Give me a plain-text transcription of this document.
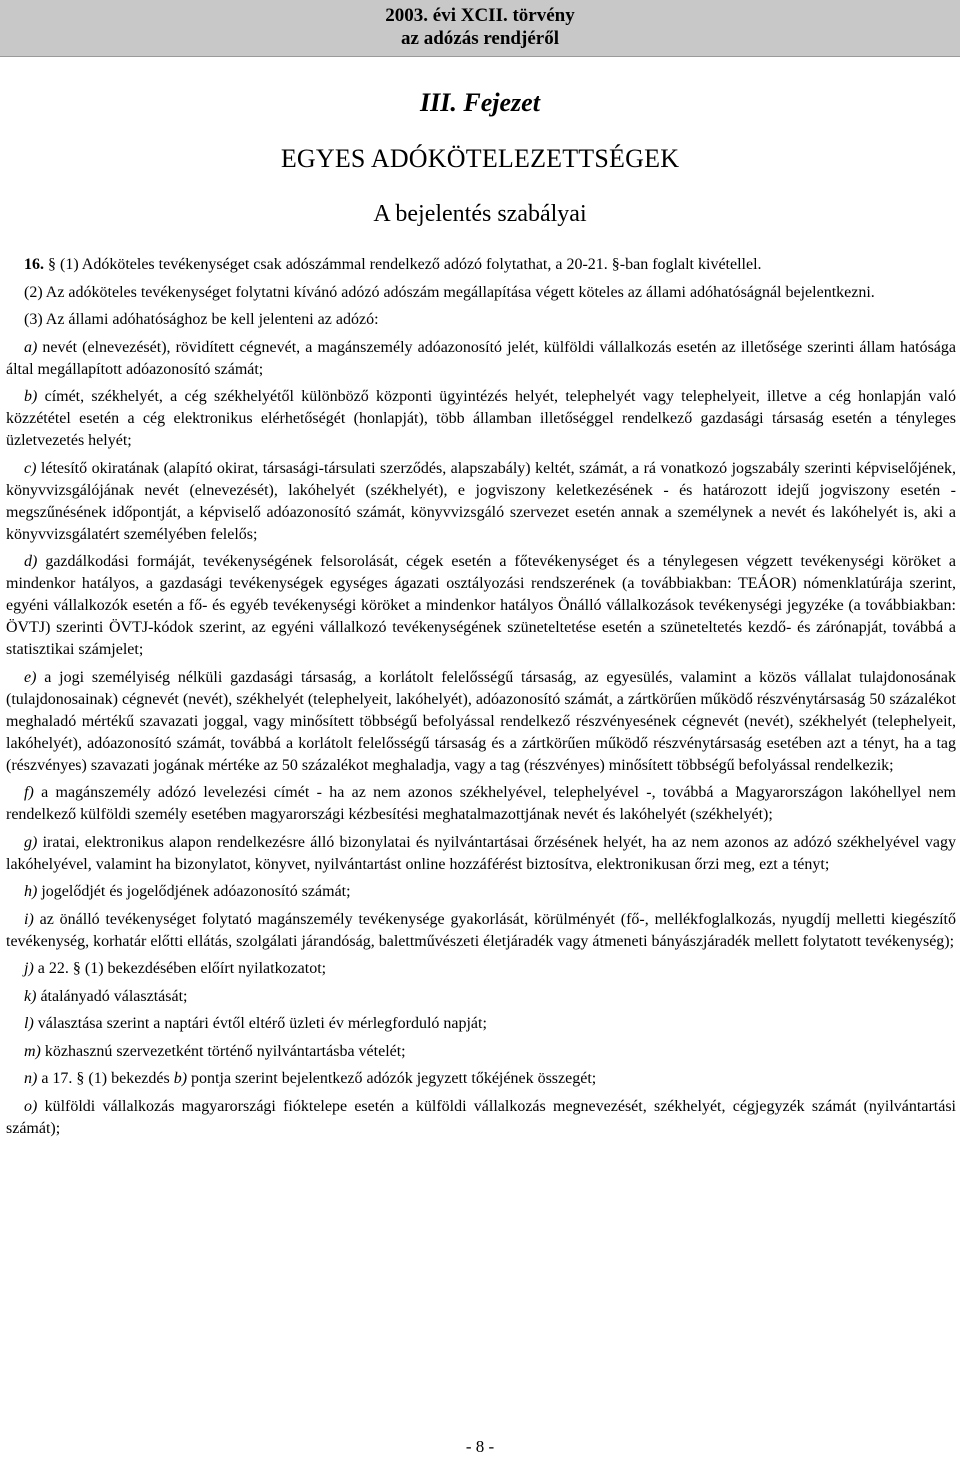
2003. évi XCII. törvény
az adózás rendjéről
III. Fejezet
EGYES ADÓKÖTELEZETTSÉGEK
A bejelentés szabályai

16. § (1) Adóköteles tevékenységet csak adószámmal rendelkező adózó folytathat, a 20-21. §-ban foglalt kivétellel.

(2) Az adóköteles tevékenységet folytatni kívánó adózó adószám megállapítása végett köteles az állami adóhatóságnál bejelentkezni.

(3) Az állami adóhatósághoz be kell jelenteni az adózó:

a) nevét (elnevezését), rövidített cégnevét, a magánszemély adóazonosító jelét, külföldi vállalkozás esetén az illetősége szerinti állam hatósága által megállapított adóazonosító számát;

b) címét, székhelyét, a cég székhelyétől különböző központi ügyintézés helyét, telephelyét vagy telephelyeit, illetve a cég honlapján való közzététel esetén a cég elektronikus elérhetőségét (honlapját), több államban illetőséggel rendelkező gazdasági társaság esetén a tényleges üzletvezetés helyét;

c) létesítő okiratának (alapító okirat, társasági-társulati szerződés, alapszabály) keltét, számát, a rá vonatkozó jogszabály szerinti képviselőjének, könyvvizsgálójának nevét (elnevezését), lakóhelyét (székhelyét), e jogviszony keletkezésének - és határozott idejű jogviszony esetén - megszűnésének időpontját, a képviselő adóazonosító számát, könyvvizsgáló szervezet esetén annak a személynek a nevét és lakóhelyét is, aki a könyvvizsgálatért személyében felelős;

d) gazdálkodási formáját, tevékenységének felsorolását, cégek esetén a főtevékenységet és a ténylegesen végzett tevékenységi köröket a mindenkor hatályos, a gazdasági tevékenységek egységes ágazati osztályozási rendszerének (a továbbiakban: TEÁOR) nómenklatúrája szerint, egyéni vállalkozók esetén a fő- és egyéb tevékenységi köröket a mindenkor hatályos Önálló vállalkozások tevékenységi jegyzéke (a továbbiakban: ÖVTJ) szerinti ÖVTJ-kódok szerint, az egyéni vállalkozó tevékenységének szüneteltetése esetén a szüneteltetés kezdő- és zárónapját, továbbá a statisztikai számjelet;

e) a jogi személyiség nélküli gazdasági társaság, a korlátolt felelősségű társaság, az egyesülés, valamint a közös vállalat tulajdonosának (tulajdonosainak) cégnevét (nevét), székhelyét (telephelyeit, lakóhelyét), adóazonosító számát, a zártkörűen működő részvénytársaság 50 százalékot meghaladó mértékű szavazati joggal, vagy minősített többségű befolyással rendelkező részvényesének cégnevét (nevét), székhelyét (telephelyeit, lakóhelyét), adóazonosító számát, továbbá a korlátolt felelősségű társaság és a zártkörűen működő részvénytársaság esetében azt a tényt, ha a tag (részvényes) szavazati jogának mértéke az 50 százalékot meghaladja, vagy a tag (részvényes) minősített többségű befolyással rendelkezik;

f) a magánszemély adózó levelezési címét - ha az nem azonos székhelyével, telephelyével -, továbbá a Magyarországon lakóhellyel nem rendelkező külföldi személy esetében magyarországi kézbesítési meghatalmazottjának nevét és lakóhelyét (székhelyét);

g) iratai, elektronikus alapon rendelkezésre álló bizonylatai és nyilvántartásai őrzésének helyét, ha az nem azonos az adózó székhelyével vagy lakóhelyével, valamint ha bizonylatot, könyvet, nyilvántartást online hozzáférést biztosítva, elektronikusan őrzi meg, ezt a tényt;

h) jogelődjét és jogelődjének adóazonosító számát;

i) az önálló tevékenységet folytató magánszemély tevékenysége gyakorlását, körülményét (fő-, mellékfoglalkozás, nyugdíj melletti kiegészítő tevékenység, korhatár előtti ellátás, szolgálati járandóság, balettművészeti életjáradék vagy átmeneti bányászjáradék mellett folytatott tevékenység);

j) a 22. § (1) bekezdésében előírt nyilatkozatot;

k) átalányadó választását;

l) választása szerint a naptári évtől eltérő üzleti év mérlegforduló napját;

m) közhasznú szervezetként történő nyilvántartásba vételét;

n) a 17. § (1) bekezdés b) pontja szerint bejelentkező adózók jegyzett tőkéjének összegét;

o) külföldi vállalkozás magyarországi fióktelepe esetén a külföldi vállalkozás megnevezését, székhelyét, cégjegyzék számát (nyilvántartási számát);

- 8 -
